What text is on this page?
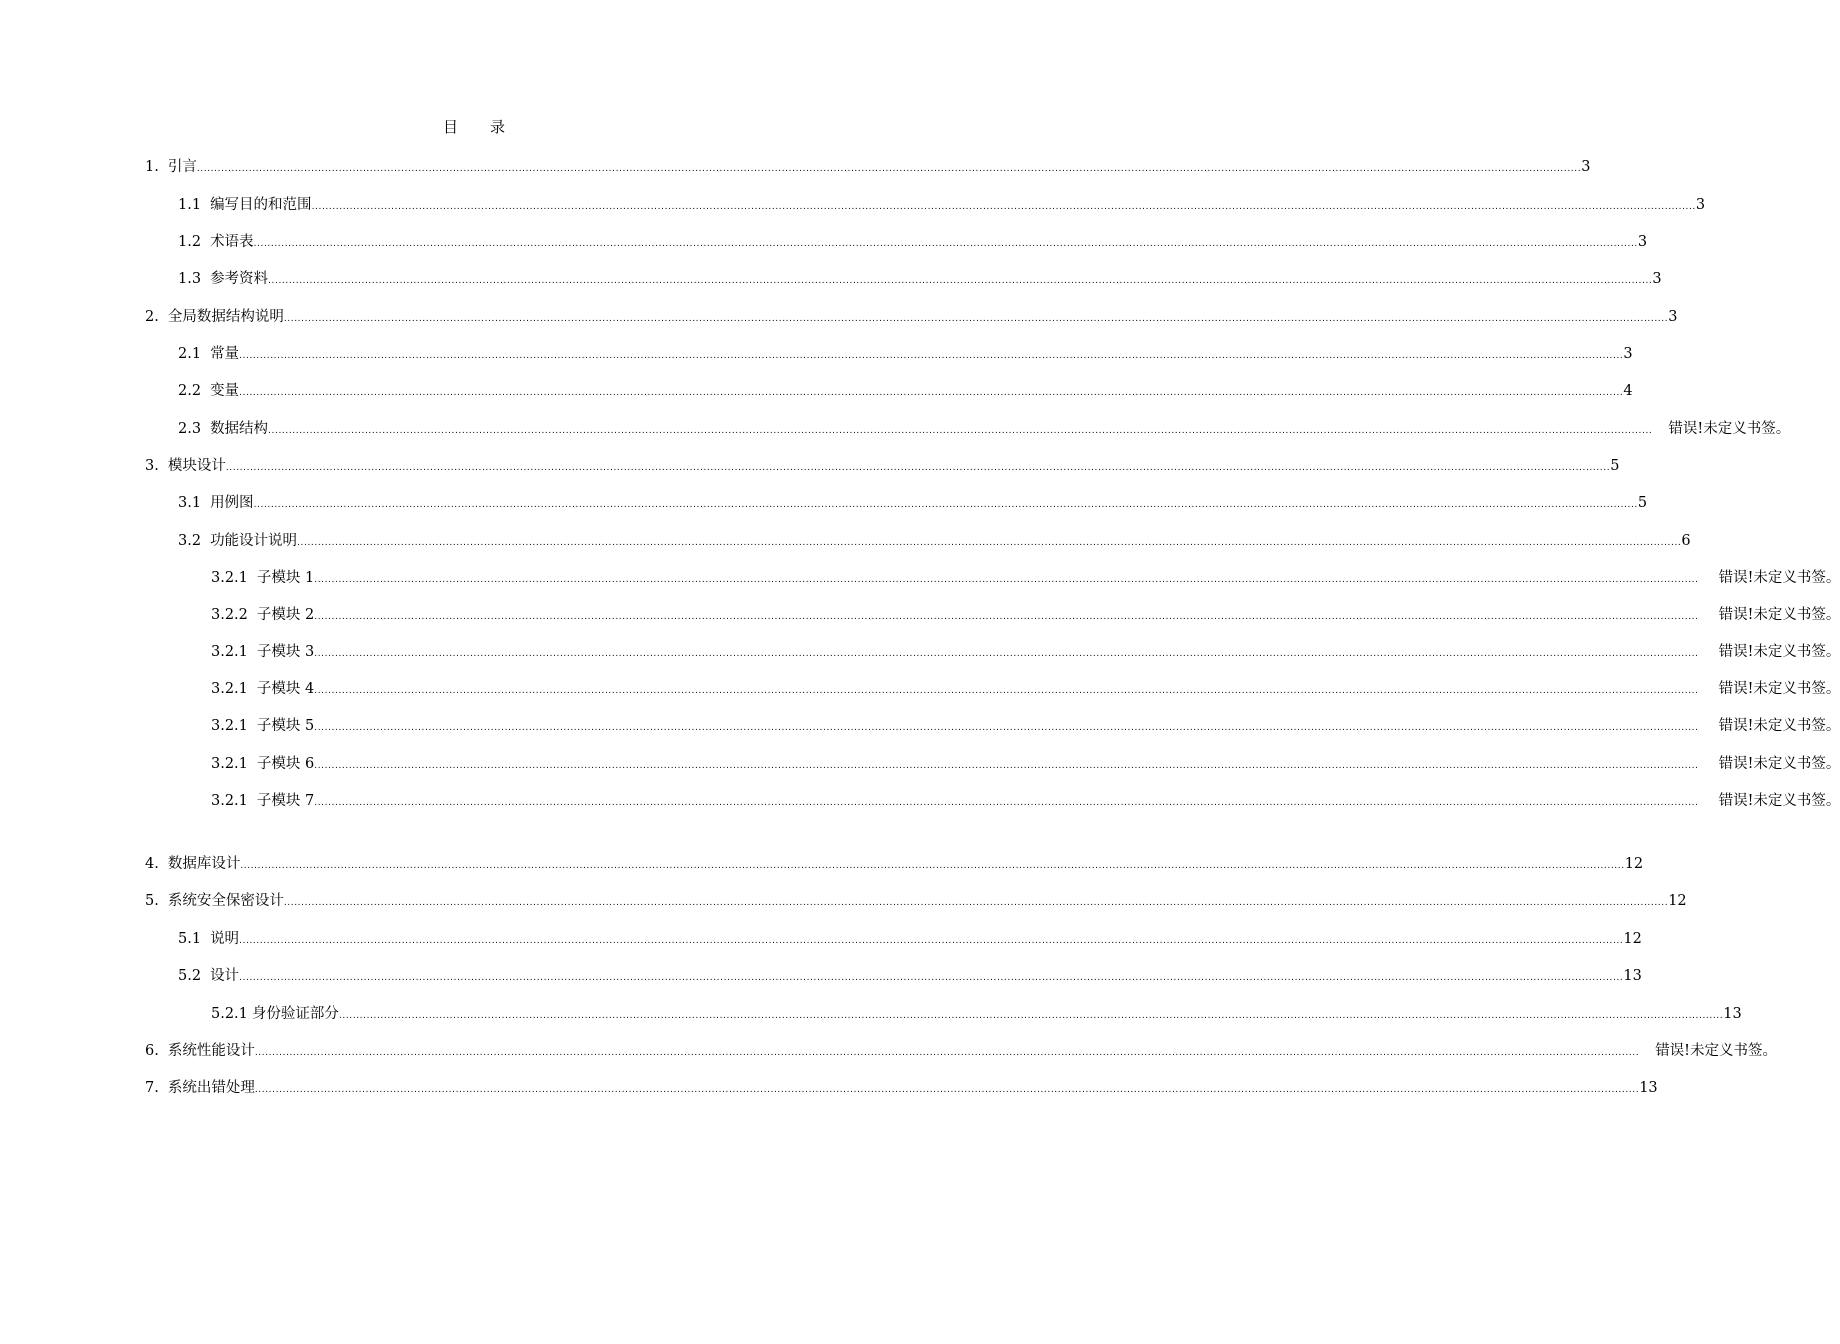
目 录
1. 引言 ................................................................................................................................................................................................................................................................................................................................................................................................................ 3
1.1 编写目的和范围 ................................................................................................................................................................................................................................................................................................................................................................................................................ 3
1.2 术语表 ................................................................................................................................................................................................................................................................................................................................................................................................................ 3
1.3 参考资料 ................................................................................................................................................................................................................................................................................................................................................................................................................ 3
2. 全局数据结构说明 ................................................................................................................................................................................................................................................................................................................................................................................................................ 3
2.1 常量 ................................................................................................................................................................................................................................................................................................................................................................................................................ 3
2.2 变量 ................................................................................................................................................................................................................................................................................................................................................................................................................ 4
2.3 数据结构 ................................................................................................................................................................................................................................................................................................................................................................................................................ 错误!未定义书签。
3. 模块设计 ................................................................................................................................................................................................................................................................................................................................................................................................................ 5
3.1 用例图 ................................................................................................................................................................................................................................................................................................................................................................................................................ 5
3.2 功能设计说明 ................................................................................................................................................................................................................................................................................................................................................................................................................ 6
3.2.1 子模块 1 ................................................................................................................................................................................................................................................................................................................................................................................................................ 错误!未定义书签。
3.2.2 子模块 2 ................................................................................................................................................................................................................................................................................................................................................................................................................ 错误!未定义书签。
3.2.1 子模块 3 ................................................................................................................................................................................................................................................................................................................................................................................................................ 错误!未定义书签。
3.2.1 子模块 4 ................................................................................................................................................................................................................................................................................................................................................................................................................ 错误!未定义书签。
3.2.1 子模块 5 ................................................................................................................................................................................................................................................................................................................................................................................................................ 错误!未定义书签。
3.2.1 子模块 6 ................................................................................................................................................................................................................................................................................................................................................................................................................ 错误!未定义书签。
3.2.1 子模块 7 ................................................................................................................................................................................................................................................................................................................................................................................................................ 错误!未定义书签。
4. 数据库设计 ................................................................................................................................................................................................................................................................................................................................................................................................................ 12
5. 系统安全保密设计 ................................................................................................................................................................................................................................................................................................................................................................................................................ 12
5.1 说明 ................................................................................................................................................................................................................................................................................................................................................................................................................ 12
5.2 设计 ................................................................................................................................................................................................................................................................................................................................................................................................................ 13
5.2.1 身份验证部分 ................................................................................................................................................................................................................................................................................................................................................................................................................ 13
6. 系统性能设计 ................................................................................................................................................................................................................................................................................................................................................................................................................ 错误!未定义书签。
7. 系统出错处理 ................................................................................................................................................................................................................................................................................................................................................................................................................ 13
